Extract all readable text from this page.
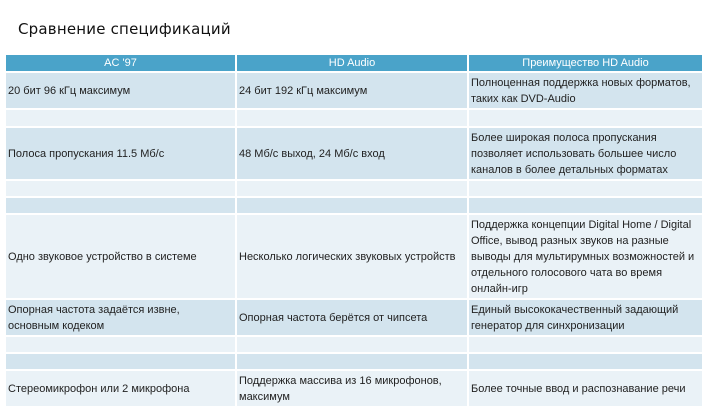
Сравнение спецификаций
AC '97	HD Audio	Преимущество HD Audio
20 бит 96 кГц максимум	24 бит 192 кГц максимум	Полноценная поддержка новых форматов, таких как DVD-Audio

Полоса пропускания 11.5 Мб/с	48 Мб/с выход, 24 Мб/с вход	Более широкая полоса пропускания позволяет использовать большее число каналов в более детальных форматах

Одно звуковое устройство в системе	Несколько логических звуковых устройств	Поддержка концепции Digital Home / Digital Office, вывод разных звуков на разные выводы для мультирумных возможностей и отдельного голосового чата во время онлайн-игр
Опорная частота задаётся извне, основным кодеком	Опорная частота берётся от чипсета	Единый высококачественный задающий генератор для синхронизации

Стереомикрофон или 2 микрофона	Поддержка массива из 16 микрофонов, максимум	Более точные ввод и распознавание речи
